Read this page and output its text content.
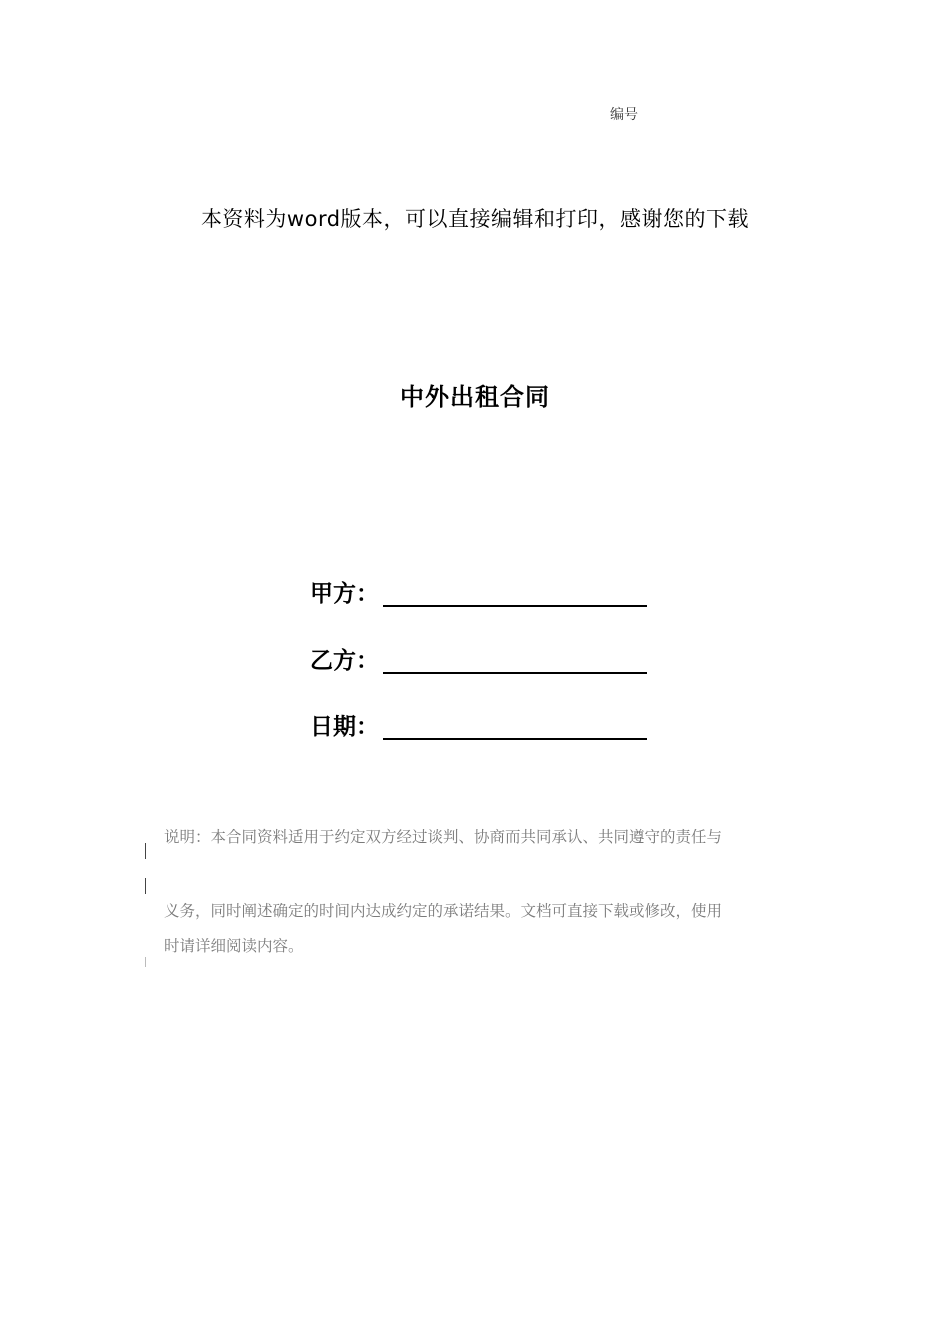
编号
本资料为word版本，可以直接编辑和打印，感谢您的下载
中外出租合同
甲方：
乙方：
日期：
说明：本合同资料适用于约定双方经过谈判、协商而共同承认、共同遵守的责任与
义务，同时阐述确定的时间内达成约定的承诺结果。文档可直接下载或修改，使用
时请详细阅读内容。
